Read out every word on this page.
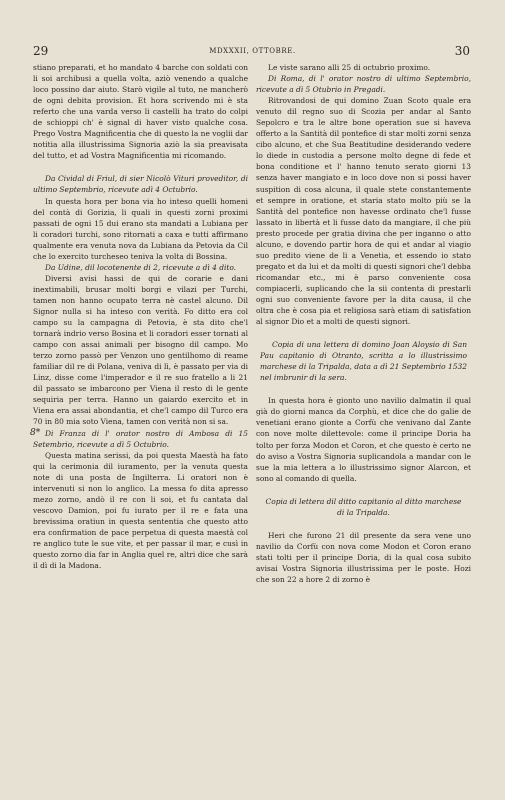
29	MDXXXII, OTTOBRE.	30

stiano preparati, et ho mandato 4 barche con soldati con li soi archibusi a quella volta, aziò venendo a qualche loco possino dar aiuto. Starò vigile al tuto, ne mancherò de ogni debita provision. Et hora scrivendo mi è sta referto che una varda verso li castelli ha trato do colpi de schioppi ch' è signal di haver visto qualche cosa. Prego Vostra Magnificentia che di questo la ne voglii dar notitia alla illustrissima Signoria aziò la sia preavisata del tutto, et ad Vostra Magnificentia mi ricomando.

Da Cividal di Friul, di sier Nicolò Vituri proveditor, di ultimo Septembrio, ricevute adì 4 Octubrio.

In questa hora per bona via ho inteso quelli homeni del contà di Gorizia, li quali in questi zorni proximi passati de ogni 15 dui erano sta mandati a Lubiana per li coradori turchi, sono ritornati a caxa e tutti affirmano qualmente era venuta nova da Lubiana da Petovia da Cil che lo exercito turcheseo teniva la volta di Bossina.

Da Udine, dil locotenente di 2, ricevute a dì 4 dito.

Diversi avisi hassi de qui de corarie e dani inextimabili, brusar molti borgi e vilazi per Turchi, tamen non hanno ocupato terra nè castel alcuno. Dil Signor nulla si ha inteso con verità. Fo ditto era col campo su la campagna di Petovia, è sta dito che'l tornarà indrio verso Bosina et li coradori esser tornati al campo con assai animali per bisogno dil campo. Mo terzo zorno passò per Venzon uno gentilhomo di reame familiar dil re di Polana, veniva di lì, è passato per via di Linz, disse come l'imperador e il re suo fratello a li 21 dil passato se imbarcono per Viena il resto di le gente sequiria per terra. Hanno un gaiardo exercito et in Viena era assai abondantia, et che'l campo dil Turco era 70 in 80 mia soto Viena, tamen con verità non si sa.

8* Di Franza di l' orator nostro di Ambosa di 15 Setembrio, ricevute a dì 5 Octubrio.

Questa matina serissi, da poi questa Maestà ha fato qui la cerimonia dil iuramento, per la venuta questa note di una posta de Ingilterra. Li oratori non è intervenuti si non lo anglico. La messa fo dita apresso mezo zorno, andò il re con li soi, et fu cantata dal vescovo Damion, poi fu iurato per il re e fata una brevissima oratiun in questa sententia che questo atto era confirmation de pace perpetua di questa maestà col re anglico tute le sue vite, et per passar il mar, e cusì in questo zorno dia far in Anglia quel re, altri dice che sarà il dì di la Madona.

Le viste sarano alli 25 di octubrio proximo.

Di Roma, di l' orator nostro di ultimo Septembrio, ricevute a dì 5 Otubrio in Pregadi.

Ritrovandosi de qui domino Zuan Scoto quale era venuto dil regno suo di Scozia per andar al Santo Sepolcro e tra le altre bone operation sue si haveva offerto a la Santità dil pontefice di star molti zorni senza cibo alcuno, et che Sua Beatitudine desiderando vedere lo diede in custodia a persone molto degne di fede et bona conditione et l' hanno tenuto serato giorni 13 senza haver mangiato e in loco dove non si possi haver suspition di cosa alcuna, il quale stete constantemente et sempre in oratione, et staria stato molto più se la Santità del pontefice non havesse ordinato che'l fusse lassato in libertà et li fusse dato da mangiare, il che più presto procede per gratia divina che per inganno o atto alcuno, e dovendo partir hora de qui et andar al viagio suo predito viene de li a Venetia, et essendo io stato pregato et da lui et da molti di questi signori che'l debba ricomandar etc., mi è parso conveniente cosa compiacerli, suplicando che la sii contenta di prestarli ogni suo conveniente favore per la dita causa, il che oltra che è cosa pia et religiosa sarà etiam di satisfation al signor Dio et a molti de questi signori.

Copia di una lettera di domino Joan Aloysio di San Pau capitanio di Otranto, scritta a lo illustrissimo marchese di la Tripalda, data a dì 21 Septembrio 1532 nel imbrunir di la sera.

In questa hora è gionto uno navilio dalmatin il qual già do giorni manca da Corphù, et dice che do galie de venetiani erano gionte a Corfù che venivano dal Zante con nove molte dilettevole: come il principe Doria ha tolto per forza Modon et Coron, et che questo è certo ne do aviso a Vostra Signoria suplicandola a mandar con le sue la mia lettera a lo illustrissimo signor Alarcon, et sono al comando di quella.

Copia di lettera dil ditto capitanio al ditto marchese di la Tripalda.

Heri che furono 21 dil presente da sera vene uno navilio da Corfù con nova come Modon et Coron erano stati tolti per il principe Doria, di la qual cosa subito avisai Vostra Signoria illustrissima per le poste. Hozi che son 22 a hore 2 di zorno è
